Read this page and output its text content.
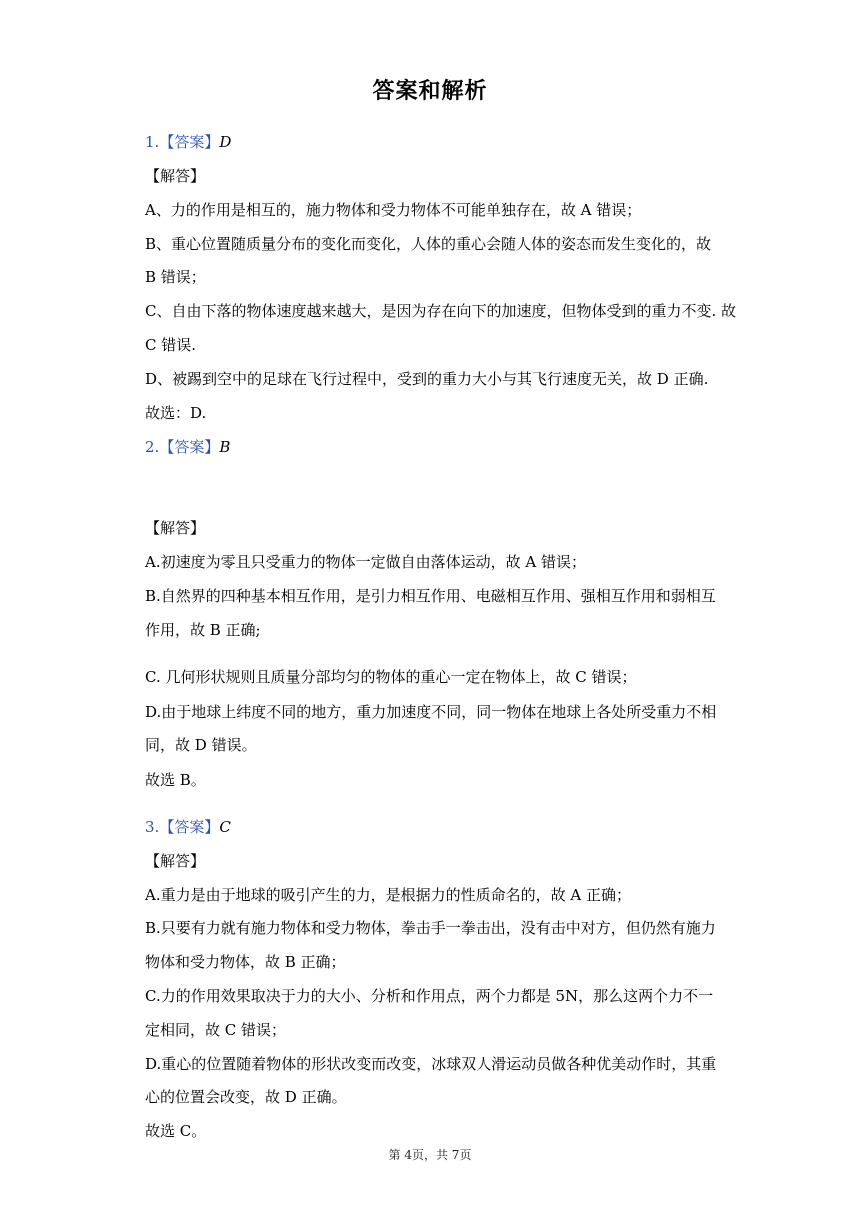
答案和解析
1.【答案】D
【解答】
A、力的作用是相互的，施力物体和受力物体不可能单独存在，故 A 错误；
B、重心位置随质量分布的变化而变化，人体的重心会随人体的姿态而发生变化的，故
B 错误；
C、自由下落的物体速度越来越大，是因为存在向下的加速度，但物体受到的重力不变. 故
C 错误.
D、被踢到空中的足球在飞行过程中，受到的重力大小与其飞行速度无关，故 D 正确.
故选：D.
2.【答案】B
【解答】
A.初速度为零且只受重力的物体一定做自由落体运动，故 A 错误；
B.自然界的四种基本相互作用，是引力相互作用、电磁相互作用、强相互作用和弱相互
作用，故 B 正确;
C. 几何形状规则且质量分部均匀的物体的重心一定在物体上，故 C 错误；
D.由于地球上纬度不同的地方，重力加速度不同，同一物体在地球上各处所受重力不相
同，故 D 错误。
故选 B。
3.【答案】C
【解答】
A.重力是由于地球的吸引产生的力，是根据力的性质命名的，故 A 正确；
B.只要有力就有施力物体和受力物体，拳击手一拳击出，没有击中对方，但仍然有施力
物体和受力物体，故 B 正确；
C.力的作用效果取决于力的大小、分析和作用点，两个力都是 5N，那么这两个力不一
定相同，故 C 错误；
D.重心的位置随着物体的形状改变而改变，冰球双人滑运动员做各种优美动作时，其重
心的位置会改变，故 D 正确。
故选 C。
第 4页，共 7页
